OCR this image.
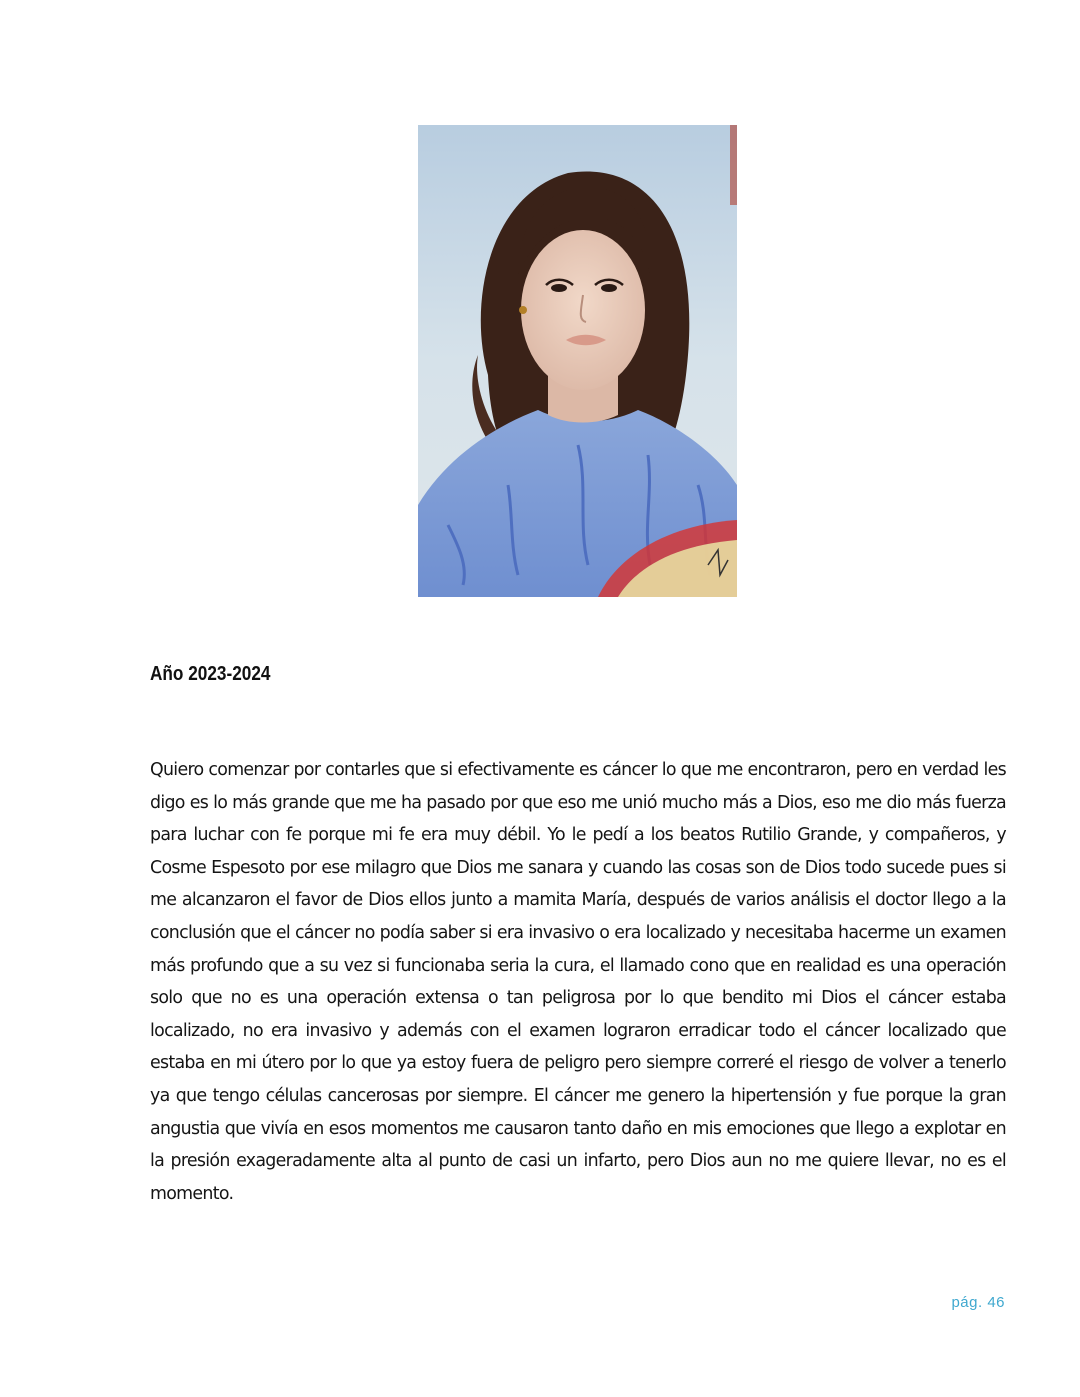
Año 2023-2024

Quiero comenzar por contarles que si efectivamente es cáncer lo que me encontraron, pero en verdad les digo es lo más grande que me ha pasado por que eso me unió mucho más a Dios, eso me dio más fuerza para luchar con fe porque mi fe era muy débil. Yo le pedí a los beatos Rutilio Grande, y compañeros, y Cosme Espesoto por ese milagro que Dios me sanara y cuando las cosas son de Dios todo sucede pues si me alcanzaron el favor de Dios ellos junto a mamita María, después de varios análisis el doctor llego a la conclusión que el cáncer no podía saber si era invasivo o era localizado y necesitaba hacerme un examen más profundo que a su vez si funcionaba seria la cura, el llamado cono que en realidad es una operación solo que no es una operación extensa o tan peligrosa por lo que bendito mi Dios el cáncer estaba localizado, no era invasivo y además con el examen lograron erradicar todo el cáncer localizado que estaba en mi útero por lo que ya estoy fuera de peligro pero siempre correré el riesgo de volver a tenerlo ya que tengo células cancerosas por siempre. El cáncer me genero la hipertensión y fue porque la gran angustia que vivía en esos momentos me causaron tanto daño en mis emociones que llego a explotar en la presión exageradamente alta al punto de casi un infarto, pero Dios aun no me quiere llevar, no es el momento.

pág. 46
